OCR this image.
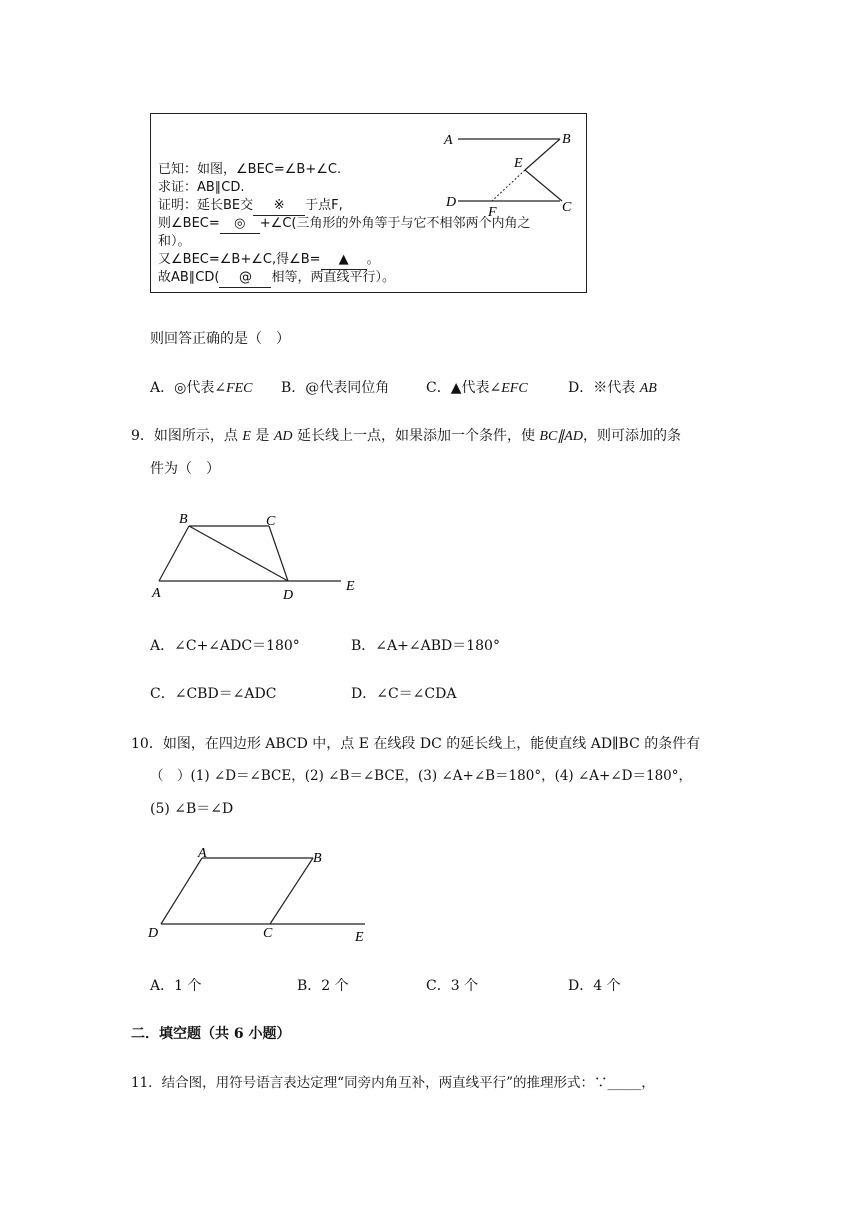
已知：如图，∠BEC=∠B+∠C.
求证：AB∥CD.
证明：延长BE交 ※ 于点F,
则∠BEC= ◎ +∠C(三角形的外角等于与它不相邻两个内角之
和）。
又∠BEC=∠B+∠C,得∠B= ▲ 。
故AB∥CD( @ 相等，两直线平行）。
A	B
E
D
F	C
则回答正确的是（　）
A．◎代表∠FEC B．@代表同位角	C．▲代表∠EFC	D．※代表 AB
9．如图所示，点 E 是 AD 延长线上一点，如果添加一个条件，使 BC∥AD，则可添加的条
件为（　）
B	C
A	D
E
A．∠C+∠ADC＝180°	B．∠A+∠ABD＝180°
C．∠CBD＝∠ADC	D．∠C＝∠CDA
10．如图，在四边形 ABCD 中，点 E 在线段 DC 的延长线上，能使直线 AD∥BC 的条件有
（　）(1) ∠D＝∠BCE，(2) ∠B＝∠BCE，(3) ∠A+∠B＝180°，(4) ∠A+∠D＝180°，
(5) ∠B＝∠D
A	B
D	C	E
A．1 个	B．2 个	C．3 个	D．4 个
二．填空题（共 6 小题）
11．结合图，用符号语言表达定理“同旁内角互补，两直线平行”的推理形式：∵_____，
